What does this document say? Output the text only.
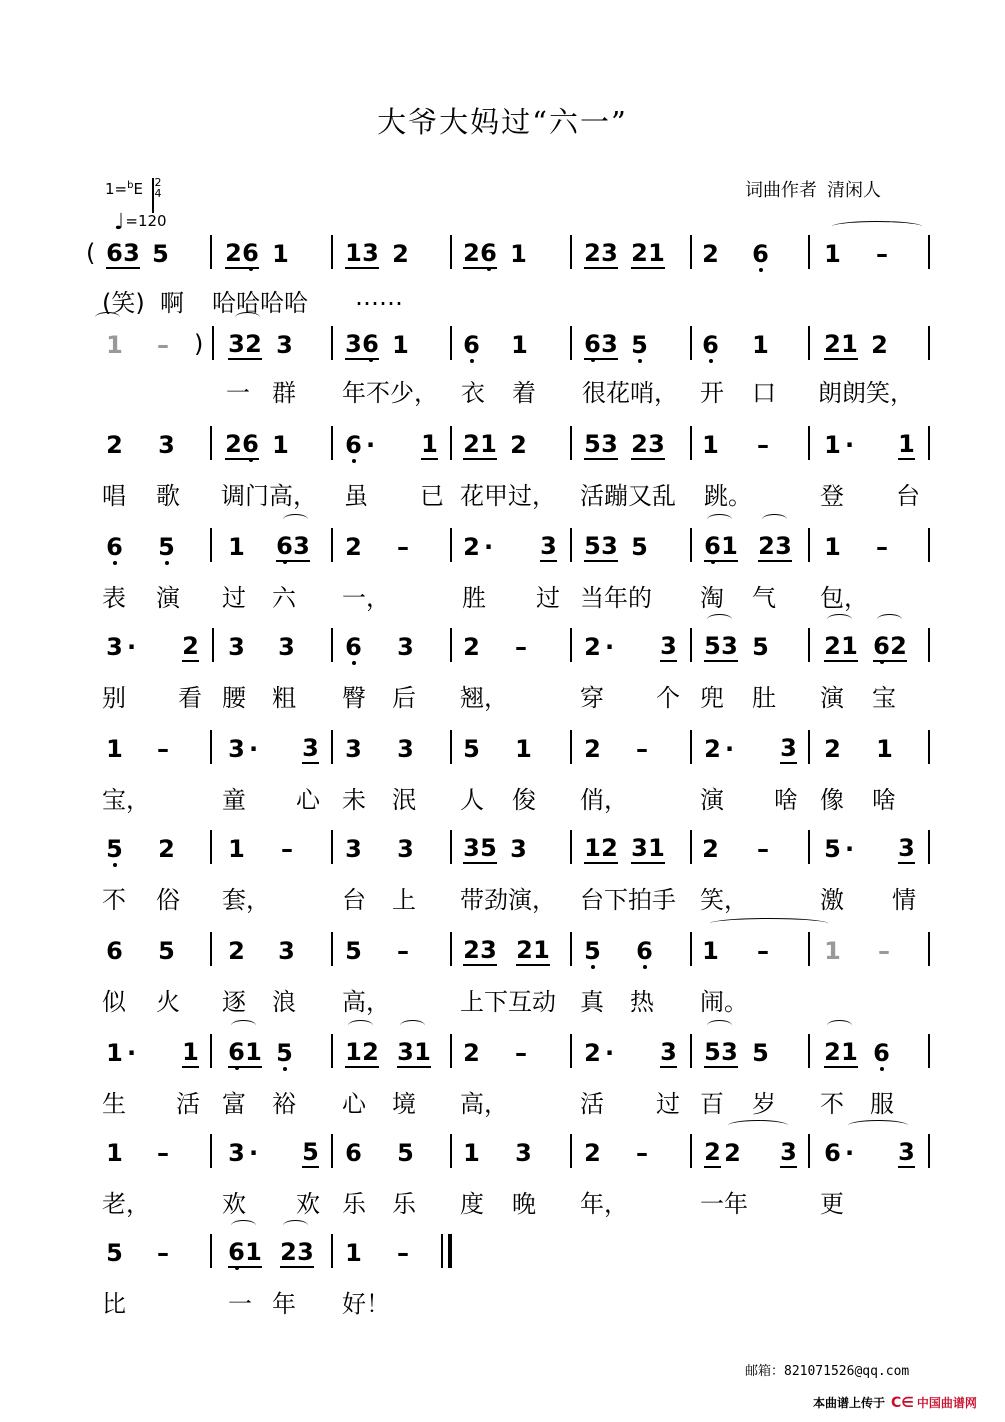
大爷大妈过“六一”
词曲作者 清闲人
1=$^b$E 2
4
♩=120
( 63 5 26 1 13 2 26 1 23 21 2 6 1 –
(笑) 啊 哈哈哈哈 ……
)
1 – 32 3 36 1 6 1 63 5 6 1 21 2
一 群 年不少， 衣 着 很花哨， 开 口 朗朗笑，
2 3 26 1 6 · 1 21 2 53 23 1 – 1 · 1
唱 歌 调门高， 虽 已 花甲过， 活蹦又乱 跳。	登 台
6 5 1 63 2 – 2 · 3 53 5 61 23 1 –
表 演 过 六 一，	胜 过 当年的 淘 气 包，
3 · 2 3 3 6 3 2 – 2 · 3 53 5 21 62
别 看 腰 粗 臀 后 翘，	穿 个 兜 肚 演 宝
1 – 3 · 3 3 3 5 1 2 – 2 · 3 2 1
宝，	童 心 未 泯 人 俊 俏，	演 啥 像 啥
5 2 1 – 3 3 35 3 12 31 2 – 5 · 3
不 俗 套，	台 上 带劲演， 台下拍手 笑，	激 情
6 5 2 3 5 – 23 21 5 6 1 – 1 –
似 火 逐 浪 高，	上下互动 真 热 闹。
1 · 1 61 5 12 31 2 – 2 · 3 53 5 21 6
生 活 富 裕 心 境 高，	活 过 百 岁 不 服
1 – 3 · 5 6 5 1 3 2 – 2 2 3 6 · 3
老，	欢 欢 乐 乐 度 晚 年，	一年	更
5 – 61 23 1 –
比	一 年 好！
邮箱：821071526@qq.com
本曲谱上传于 C∈ 中国曲谱网
